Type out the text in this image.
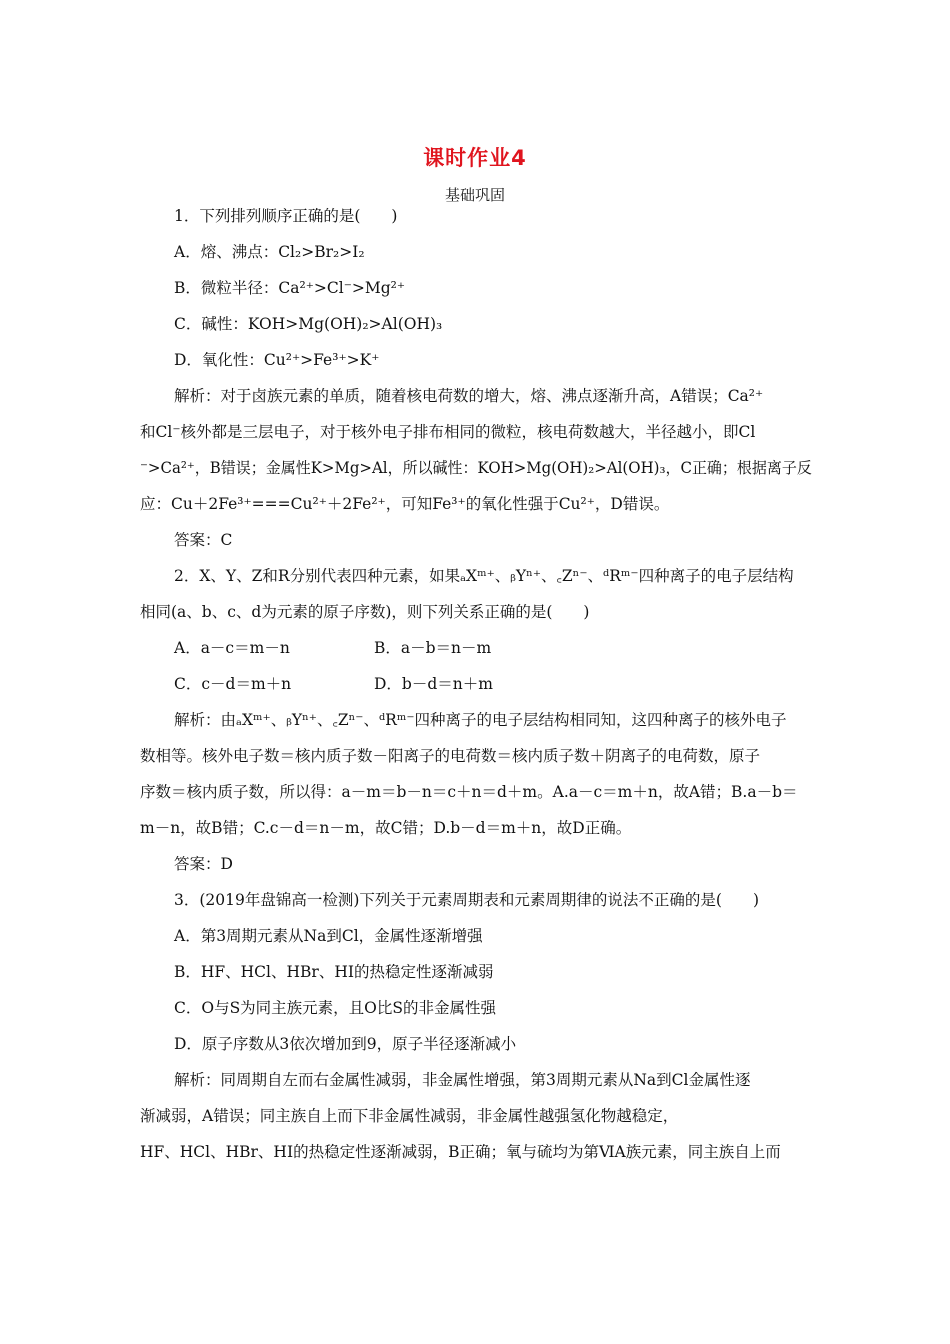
课时作业4
基础巩固
1．下列排列顺序正确的是(　　)
A．熔、沸点：Cl₂>Br₂>I₂
B．微粒半径：Ca²⁺>Cl⁻>Mg²⁺
C．碱性：KOH>Mg(OH)₂>Al(OH)₃
D．氧化性：Cu²⁺>Fe³⁺>K⁺
解析：对于卤族元素的单质，随着核电荷数的增大，熔、沸点逐渐升高，A错误；Ca²⁺
和Cl⁻核外都是三层电子，对于核外电子排布相同的微粒，核电荷数越大，半径越小，即Cl
⁻>Ca²⁺，B错误；金属性K>Mg>Al，所以碱性：KOH>Mg(OH)₂>Al(OH)₃，C正确；根据离子反
应：Cu＋2Fe³⁺===Cu²⁺＋2Fe²⁺，可知Fe³⁺的氧化性强于Cu²⁺，D错误。
答案：C
2．X、Y、Z和R分别代表四种元素，如果ₐXᵐ⁺、ᵦYⁿ⁺、꜀Zⁿ⁻、ᵈRᵐ⁻四种离子的电子层结构
相同(a、b、c、d为元素的原子序数)，则下列关系正确的是(　　)
A．a－c＝m－n	B．a－b＝n－m
C．c－d＝m＋n	D．b－d＝n＋m
解析：由ₐXᵐ⁺、ᵦYⁿ⁺、꜀Zⁿ⁻、ᵈRᵐ⁻四种离子的电子层结构相同知，这四种离子的核外电子
数相等。核外电子数＝核内质子数－阳离子的电荷数＝核内质子数＋阴离子的电荷数，原子
序数＝核内质子数，所以得：a－m＝b－n＝c＋n＝d＋m。A.a－c＝m＋n，故A错；B.a－b＝
m－n，故B错；C.c－d＝n－m，故C错；D.b－d＝m＋n，故D正确。
答案：D
3．(2019年盘锦高一检测)下列关于元素周期表和元素周期律的说法不正确的是(　　)
A．第3周期元素从Na到Cl，金属性逐渐增强
B．HF、HCl、HBr、HI的热稳定性逐渐减弱
C．O与S为同主族元素，且O比S的非金属性强
D．原子序数从3依次增加到9，原子半径逐渐减小
解析：同周期自左而右金属性减弱，非金属性增强，第3周期元素从Na到Cl金属性逐
渐减弱，A错误；同主族自上而下非金属性减弱，非金属性越强氢化物越稳定，
HF、HCl、HBr、HI的热稳定性逐渐减弱，B正确；氧与硫均为第ⅥA族元素，同主族自上而
